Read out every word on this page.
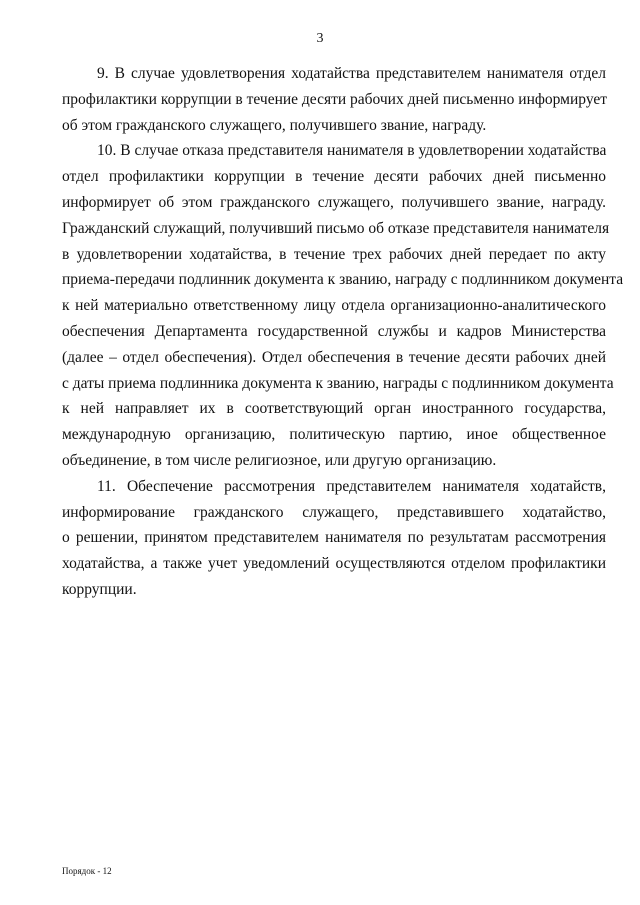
3
9. В случае удовлетворения ходатайства представителем нанимателя отдел
профилактики коррупции в течение десяти рабочих дней письменно информирует
об этом гражданского служащего, получившего звание, награду.
10. В случае отказа представителя нанимателя в удовлетворении ходатайства
отдел профилактики коррупции в течение десяти рабочих дней письменно
информирует об этом гражданского служащего, получившего звание, награду.
Гражданский служащий, получивший письмо об отказе представителя нанимателя
в удовлетворении ходатайства, в течение трех рабочих дней передает по акту
приема-передачи подлинник документа к званию, награду с подлинником документа
к ней материально ответственному лицу отдела организационно-аналитического
обеспечения Департамента государственной службы и кадров Министерства
(далее – отдел обеспечения). Отдел обеспечения в течение десяти рабочих дней
с даты приема подлинника документа к званию, награды с подлинником документа
к ней направляет их в соответствующий орган иностранного государства,
международную организацию, политическую партию, иное общественное
объединение, в том числе религиозное, или другую организацию.
11. Обеспечение рассмотрения представителем нанимателя ходатайств,
информирование гражданского служащего, представившего ходатайство,
о решении, принятом представителем нанимателя по результатам рассмотрения
ходатайства, а также учет уведомлений осуществляются отделом профилактики
коррупции.
Порядок - 12
